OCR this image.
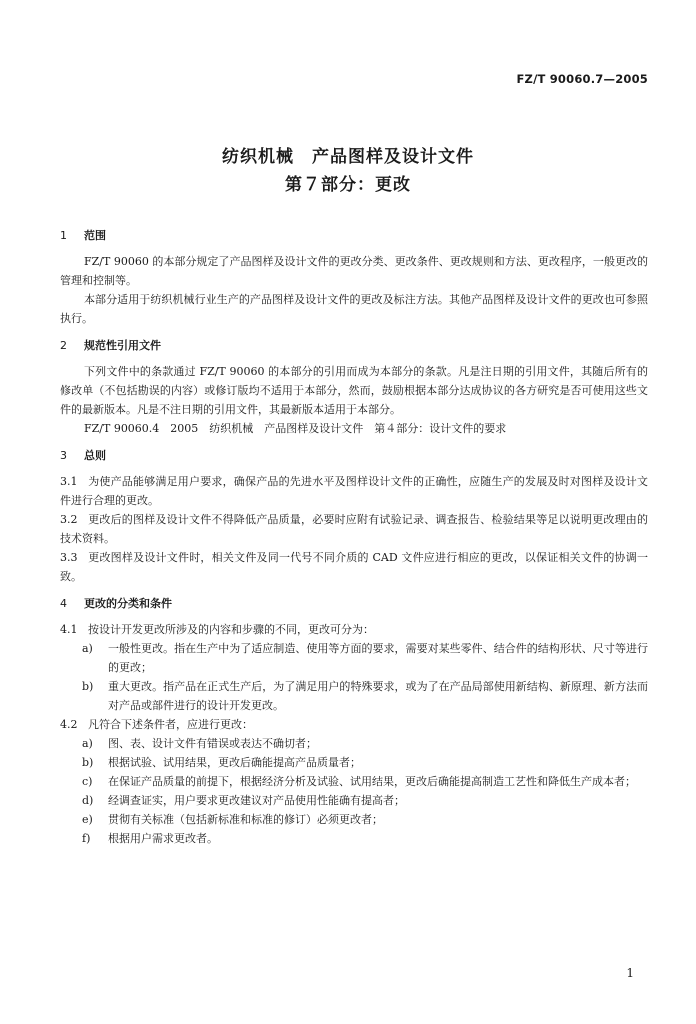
FZ/T 90060.7—2005
纺织机械　产品图样及设计文件
第７部分：更改
1 范围

FZ/T 90060 的本部分规定了产品图样及设计文件的更改分类、更改条件、更改规则和方法、更改程序，一般更改的管理和控制等。

本部分适用于纺织机械行业生产的产品图样及设计文件的更改及标注方法。其他产品图样及设计文件的更改也可参照执行。

2 规范性引用文件

下列文件中的条款通过 FZ/T 90060 的本部分的引用而成为本部分的条款。凡是注日期的引用文件，其随后所有的修改单（不包括勘误的内容）或修订版均不适用于本部分，然而，鼓励根据本部分达成协议的各方研究是否可使用这些文件的最新版本。凡是不注日期的引用文件，其最新版本适用于本部分。

FZ/T 90060.4　2005　纺织机械　产品图样及设计文件　第４部分：设计文件的要求

3 总则

3.1 为使产品能够满足用户要求，确保产品的先进水平及图样设计文件的正确性，应随生产的发展及时对图样及设计文件进行合理的更改。

3.2 更改后的图样及设计文件不得降低产品质量，必要时应附有试验记录、调查报告、检验结果等足以说明更改理由的技术资料。

3.3 更改图样及设计文件时，相关文件及同一代号不同介质的 CAD 文件应进行相应的更改，以保证相关文件的协调一致。

4 更改的分类和条件

4.1 按设计开发更改所涉及的内容和步骤的不同，更改可分为：

a) 一般性更改。指在生产中为了适应制造、使用等方面的要求，需要对某些零件、结合件的结构形状、尺寸等进行的更改；
b) 重大更改。指产品在正式生产后，为了满足用户的特殊要求，或为了在产品局部使用新结构、新原理、新方法而对产品或部件进行的设计开发更改。

4.2 凡符合下述条件者，应进行更改：

a) 图、表、设计文件有错误或表达不确切者；
b) 根据试验、试用结果，更改后确能提高产品质量者；
c) 在保证产品质量的前提下，根据经济分析及试验、试用结果，更改后确能提高制造工艺性和降低生产成本者；
d) 经调查证实，用户要求更改建议对产品使用性能确有提高者；
e) 贯彻有关标准（包括新标准和标准的修订）必须更改者；
f) 根据用户需求更改者。
1
